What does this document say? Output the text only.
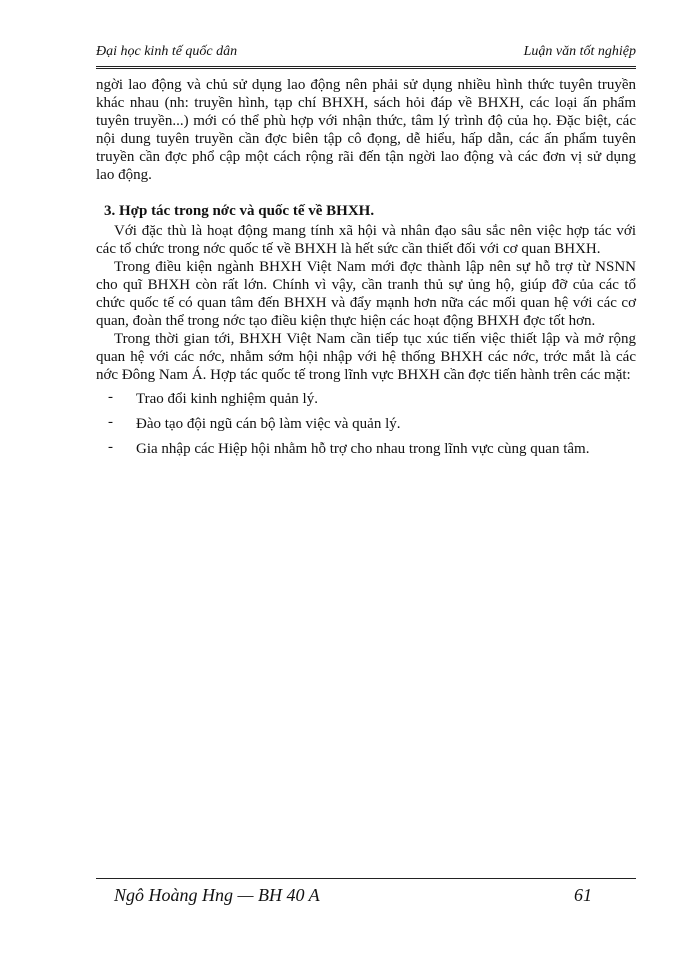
Đại học kinh tế quốc dân	Luận văn tốt nghiệp

ngời lao động và chủ sử dụng lao động nên phải sử dụng nhiều hình thức tuyên truyền khác nhau (nh: truyền hình, tạp chí BHXH, sách hỏi đáp về BHXH, các loại ấn phẩm tuyên truyền...) mới có thể phù hợp với nhận thức, tâm lý trình độ của họ. Đặc biệt, các nội dung tuyên truyền cần đợc biên tập cô đọng, dễ hiểu, hấp dẫn, các ấn phẩm tuyên truyền cần đợc phổ cập một cách rộng rãi đến tận ngời lao động và các đơn vị sử dụng lao động.

3. Hợp tác trong nớc và quốc tế về BHXH.

Với đặc thù là hoạt động mang tính xã hội và nhân đạo sâu sắc nên việc hợp tác với các tổ chức trong nớc quốc tế về BHXH là hết sức cần thiết đối với cơ quan BHXH.

Trong điều kiện ngành BHXH Việt Nam mới đợc thành lập nên sự hỗ trợ từ NSNN cho quĩ BHXH còn rất lớn. Chính vì vậy, cần tranh thủ sự ủng hộ, giúp đỡ của các tổ chức quốc tế có quan tâm đến BHXH và đẩy mạnh hơn nữa các mối quan hệ với các cơ quan, đoàn thể trong nớc tạo điều kiện thực hiện các hoạt động BHXH đợc tốt hơn.

Trong thời gian tới, BHXH Việt Nam cần tiếp tục xúc tiến việc thiết lập và mở rộng quan hệ với các nớc, nhằm sớm hội nhập với hệ thống BHXH các nớc, trớc mắt là các nớc Đông Nam Á. Hợp tác quốc tế trong lĩnh vực BHXH cần đợc tiến hành trên các mặt:

- Trao đổi kinh nghiệm quản lý.
- Đào tạo đội ngũ cán bộ làm việc và quản lý.
- Gia nhập các Hiệp hội nhằm hỗ trợ cho nhau trong lĩnh vực cùng quan tâm.
Ngô Hoàng Hng — BH 40 A	61
